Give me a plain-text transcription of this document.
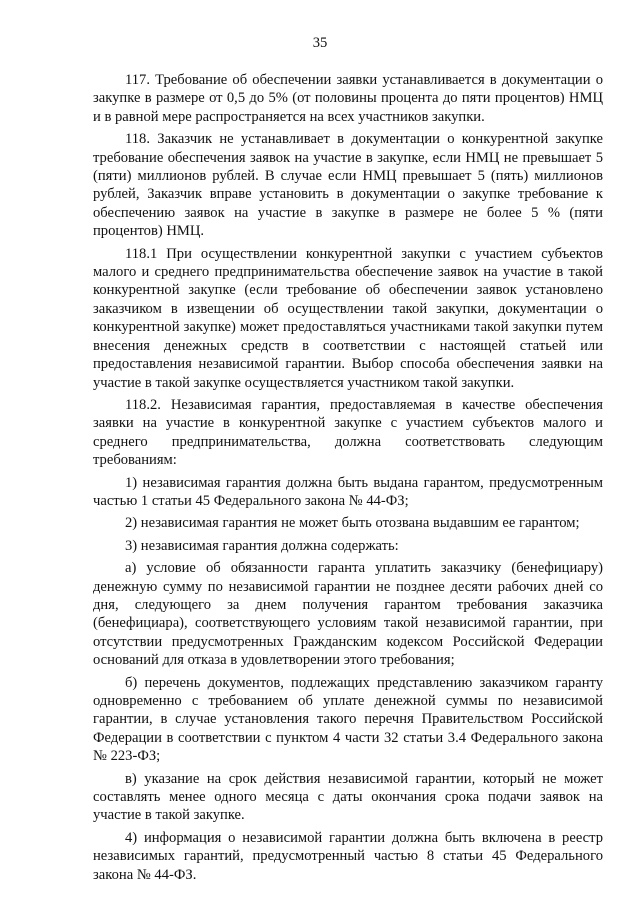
35

117. Требование об обеспечении заявки устанавливается в документации о закупке в размере от 0,5 до 5% (от половины процента до пяти процентов) НМЦ и в равной мере распространяется на всех участников закупки.

118. Заказчик не устанавливает в документации о конкурентной закупке требование обеспечения заявок на участие в закупке, если НМЦ не превышает 5 (пяти) миллионов рублей. В случае если НМЦ превышает 5 (пять) миллионов рублей, Заказчик вправе установить в документации о закупке требование к обеспечению заявок на участие в закупке в размере не более 5 % (пяти процентов) НМЦ.

118.1 При осуществлении конкурентной закупки с участием субъектов малого и среднего предпринимательства обеспечение заявок на участие в такой конкурентной закупке (если требование об обеспечении заявок установлено заказчиком в извещении об осуществлении такой закупки, документации о конкурентной закупке) может предоставляться участниками такой закупки путем внесения денежных средств в соответствии с настоящей статьей или предоставления независимой гарантии. Выбор способа обеспечения заявки на участие в такой закупке осуществляется участником такой закупки.

118.2. Независимая гарантия, предоставляемая в качестве обеспечения заявки на участие в конкурентной закупке с участием субъектов малого и среднего предпринимательства, должна соответствовать следующим требованиям:

1) независимая гарантия должна быть выдана гарантом, предусмотренным частью 1 статьи 45 Федерального закона № 44-ФЗ;

2) независимая гарантия не может быть отозвана выдавшим ее гарантом;

3) независимая гарантия должна содержать:

а) условие об обязанности гаранта уплатить заказчику (бенефициару) денежную сумму по независимой гарантии не позднее десяти рабочих дней со дня, следующего за днем получения гарантом требования заказчика (бенефициара), соответствующего условиям такой независимой гарантии, при отсутствии предусмотренных Гражданским кодексом Российской Федерации оснований для отказа в удовлетворении этого требования;

б) перечень документов, подлежащих представлению заказчиком гаранту одновременно с требованием об уплате денежной суммы по независимой гарантии, в случае установления такого перечня Правительством Российской Федерации в соответствии с пунктом 4 части 32 статьи 3.4 Федерального закона № 223-ФЗ;

в) указание на срок действия независимой гарантии, который не может составлять менее одного месяца с даты окончания срока подачи заявок на участие в такой закупке.

4) информация о независимой гарантии должна быть включена в реестр независимых гарантий, предусмотренный частью 8 статьи 45 Федерального закона № 44-ФЗ.
